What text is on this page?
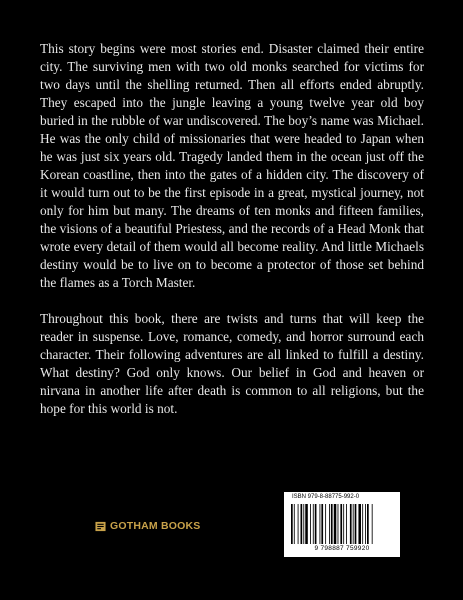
This story begins were most stories end. Disaster claimed their entire city. The surviving men with two old monks searched for victims for two days until the shelling returned. Then all efforts ended abruptly. They escaped into the jungle leaving a young twelve year old boy buried in the rubble of war undiscovered. The boy’s name was Michael. He was the only child of missionaries that were headed to Japan when he was just six years old. Tragedy landed them in the ocean just off the Korean coastline, then into the gates of a hidden city. The discovery of it would turn out to be the first episode in a great, mystical journey, not only for him but many. The dreams of ten monks and fifteen families, the visions of a beautiful Priestess, and the records of a Head Monk that wrote every detail of them would all become reality. And little Michaels destiny would be to live on to become a protector of those set behind the flames as a Torch Master.

Throughout this book, there are twists and turns that will keep the reader in suspense. Love, romance, comedy, and horror surround each character. Their following adventures are all linked to fulfill a destiny. What destiny? God only knows. Our belief in God and heaven or nirvana in another life after death is common to all religions, but the hope for this world is not.

GOTHAM BOOKS
ISBN 979-8-88775-992-0
9 798887 759920
